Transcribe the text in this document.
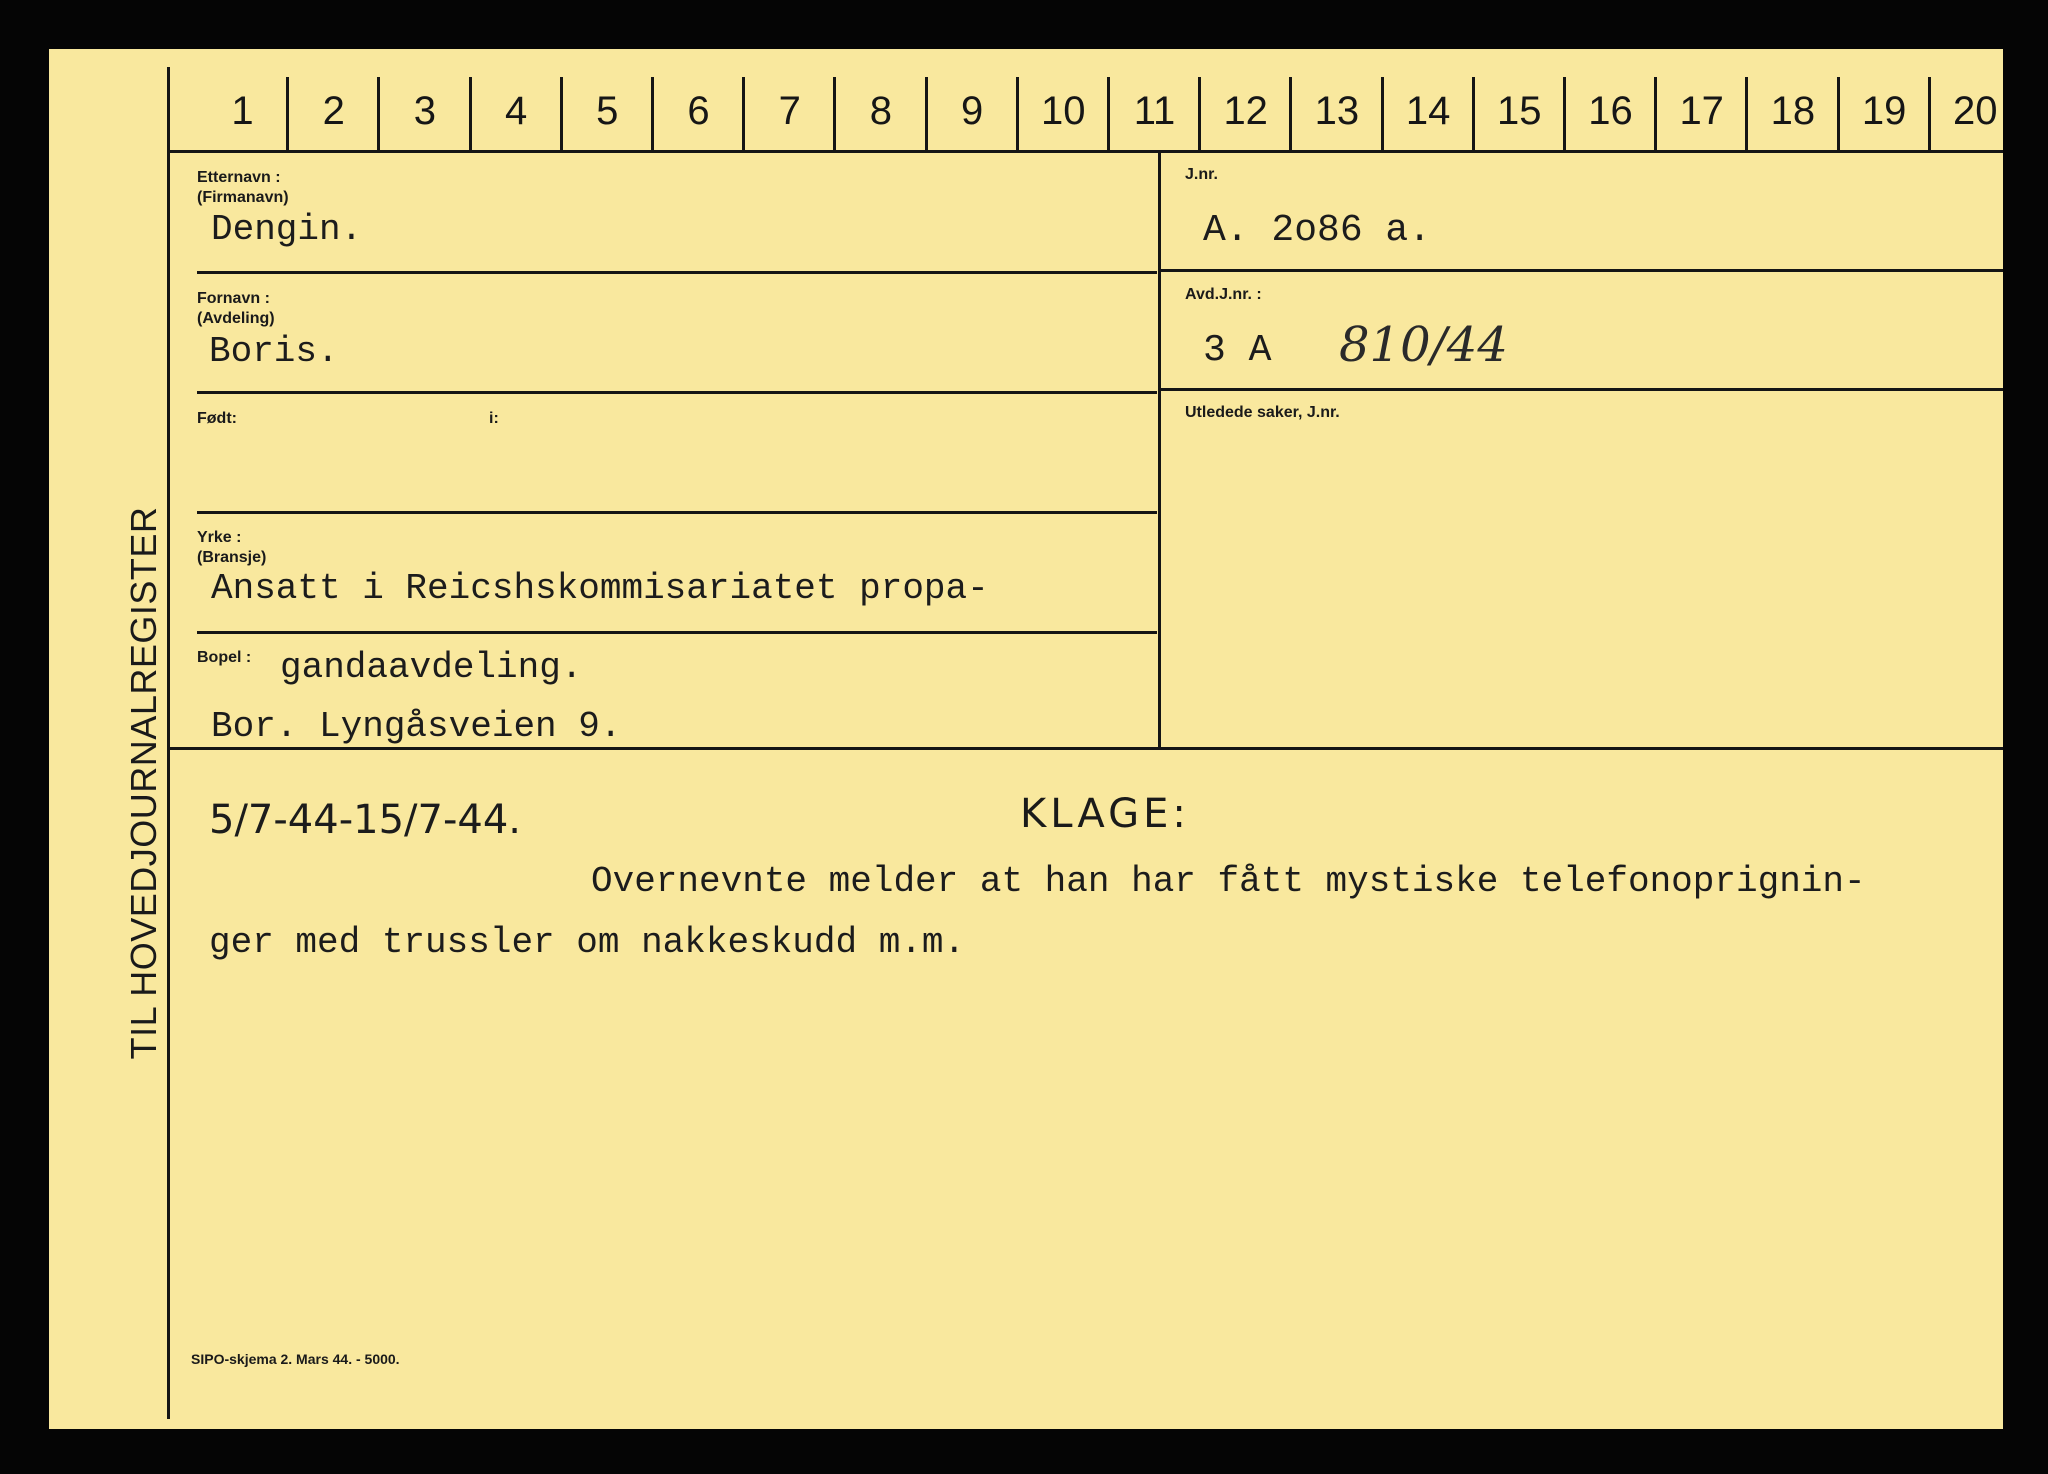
TIL HOVEDJOURNALREGISTER
1	2	3	4	5	6	7	8	9	10	11	12	13	14	15	16	17	18	19	20
Etternavn :
(Firmanavn)
Dengin.
Fornavn :
(Avdeling)
Boris.
Født:	i:
Yrke :
(Bransje)
Ansatt i Reicshskommisariatet propa-
Bopel : gandaavdeling.
Bor. Lyngåsveien 9.
J.nr.
A. 2o86 a.
Avd.J.nr. :
3 A 810/44
Utledede saker, J.nr.
5/7-44-15/7-44.	KLAGE:
Overnevnte melder at han har fått mystiske telefonoprignin-
ger med trussler om nakkeskudd m.m.
SIPO-skjema 2. Mars 44. - 5000.
